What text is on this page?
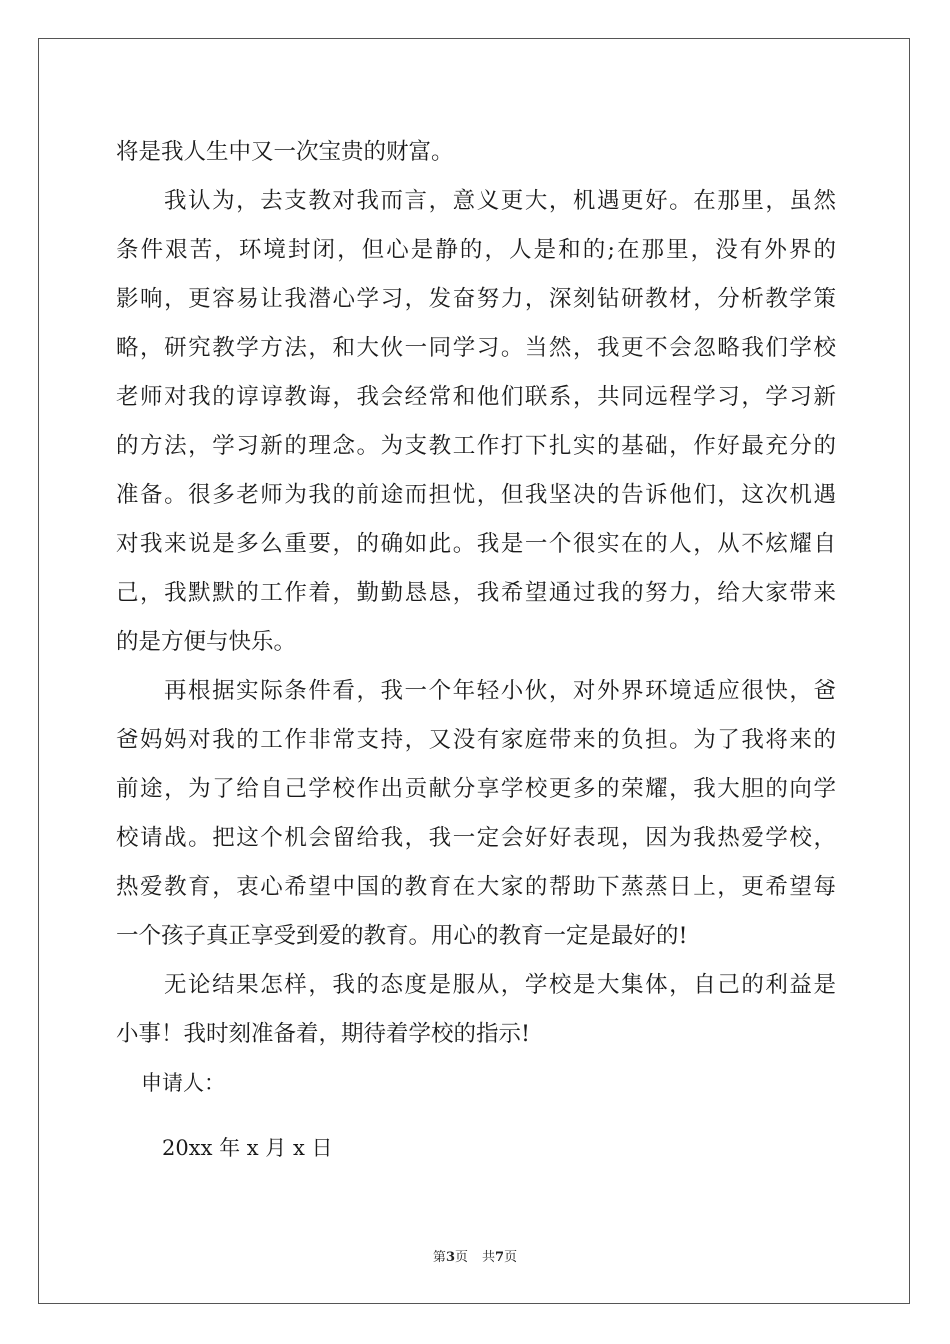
将是我人生中又一次宝贵的财富。
我认为，去支教对我而言，意义更大，机遇更好。在那里，虽然
条件艰苦，环境封闭，但心是静的，人是和的;在那里，没有外界的
影响，更容易让我潜心学习，发奋努力，深刻钻研教材，分析教学策
略，研究教学方法，和大伙一同学习。当然，我更不会忽略我们学校
老师对我的谆谆教诲，我会经常和他们联系，共同远程学习，学习新
的方法，学习新的理念。为支教工作打下扎实的基础，作好最充分的
准备。很多老师为我的前途而担忧，但我坚决的告诉他们，这次机遇
对我来说是多么重要，的确如此。我是一个很实在的人，从不炫耀自
己，我默默的工作着，勤勤恳恳，我希望通过我的努力，给大家带来
的是方便与快乐。
再根据实际条件看，我一个年轻小伙，对外界环境适应很快，爸
爸妈妈对我的工作非常支持，又没有家庭带来的负担。为了我将来的
前途，为了给自己学校作出贡献分享学校更多的荣耀，我大胆的向学
校请战。把这个机会留给我，我一定会好好表现，因为我热爱学校，
热爱教育，衷心希望中国的教育在大家的帮助下蒸蒸日上，更希望每
一个孩子真正享受到爱的教育。用心的教育一定是最好的!
无论结果怎样，我的态度是服从，学校是大集体，自己的利益是
小事！我时刻准备着，期待着学校的指示!
申请人：
20xx 年 x 月 x 日
第3页 共7页
